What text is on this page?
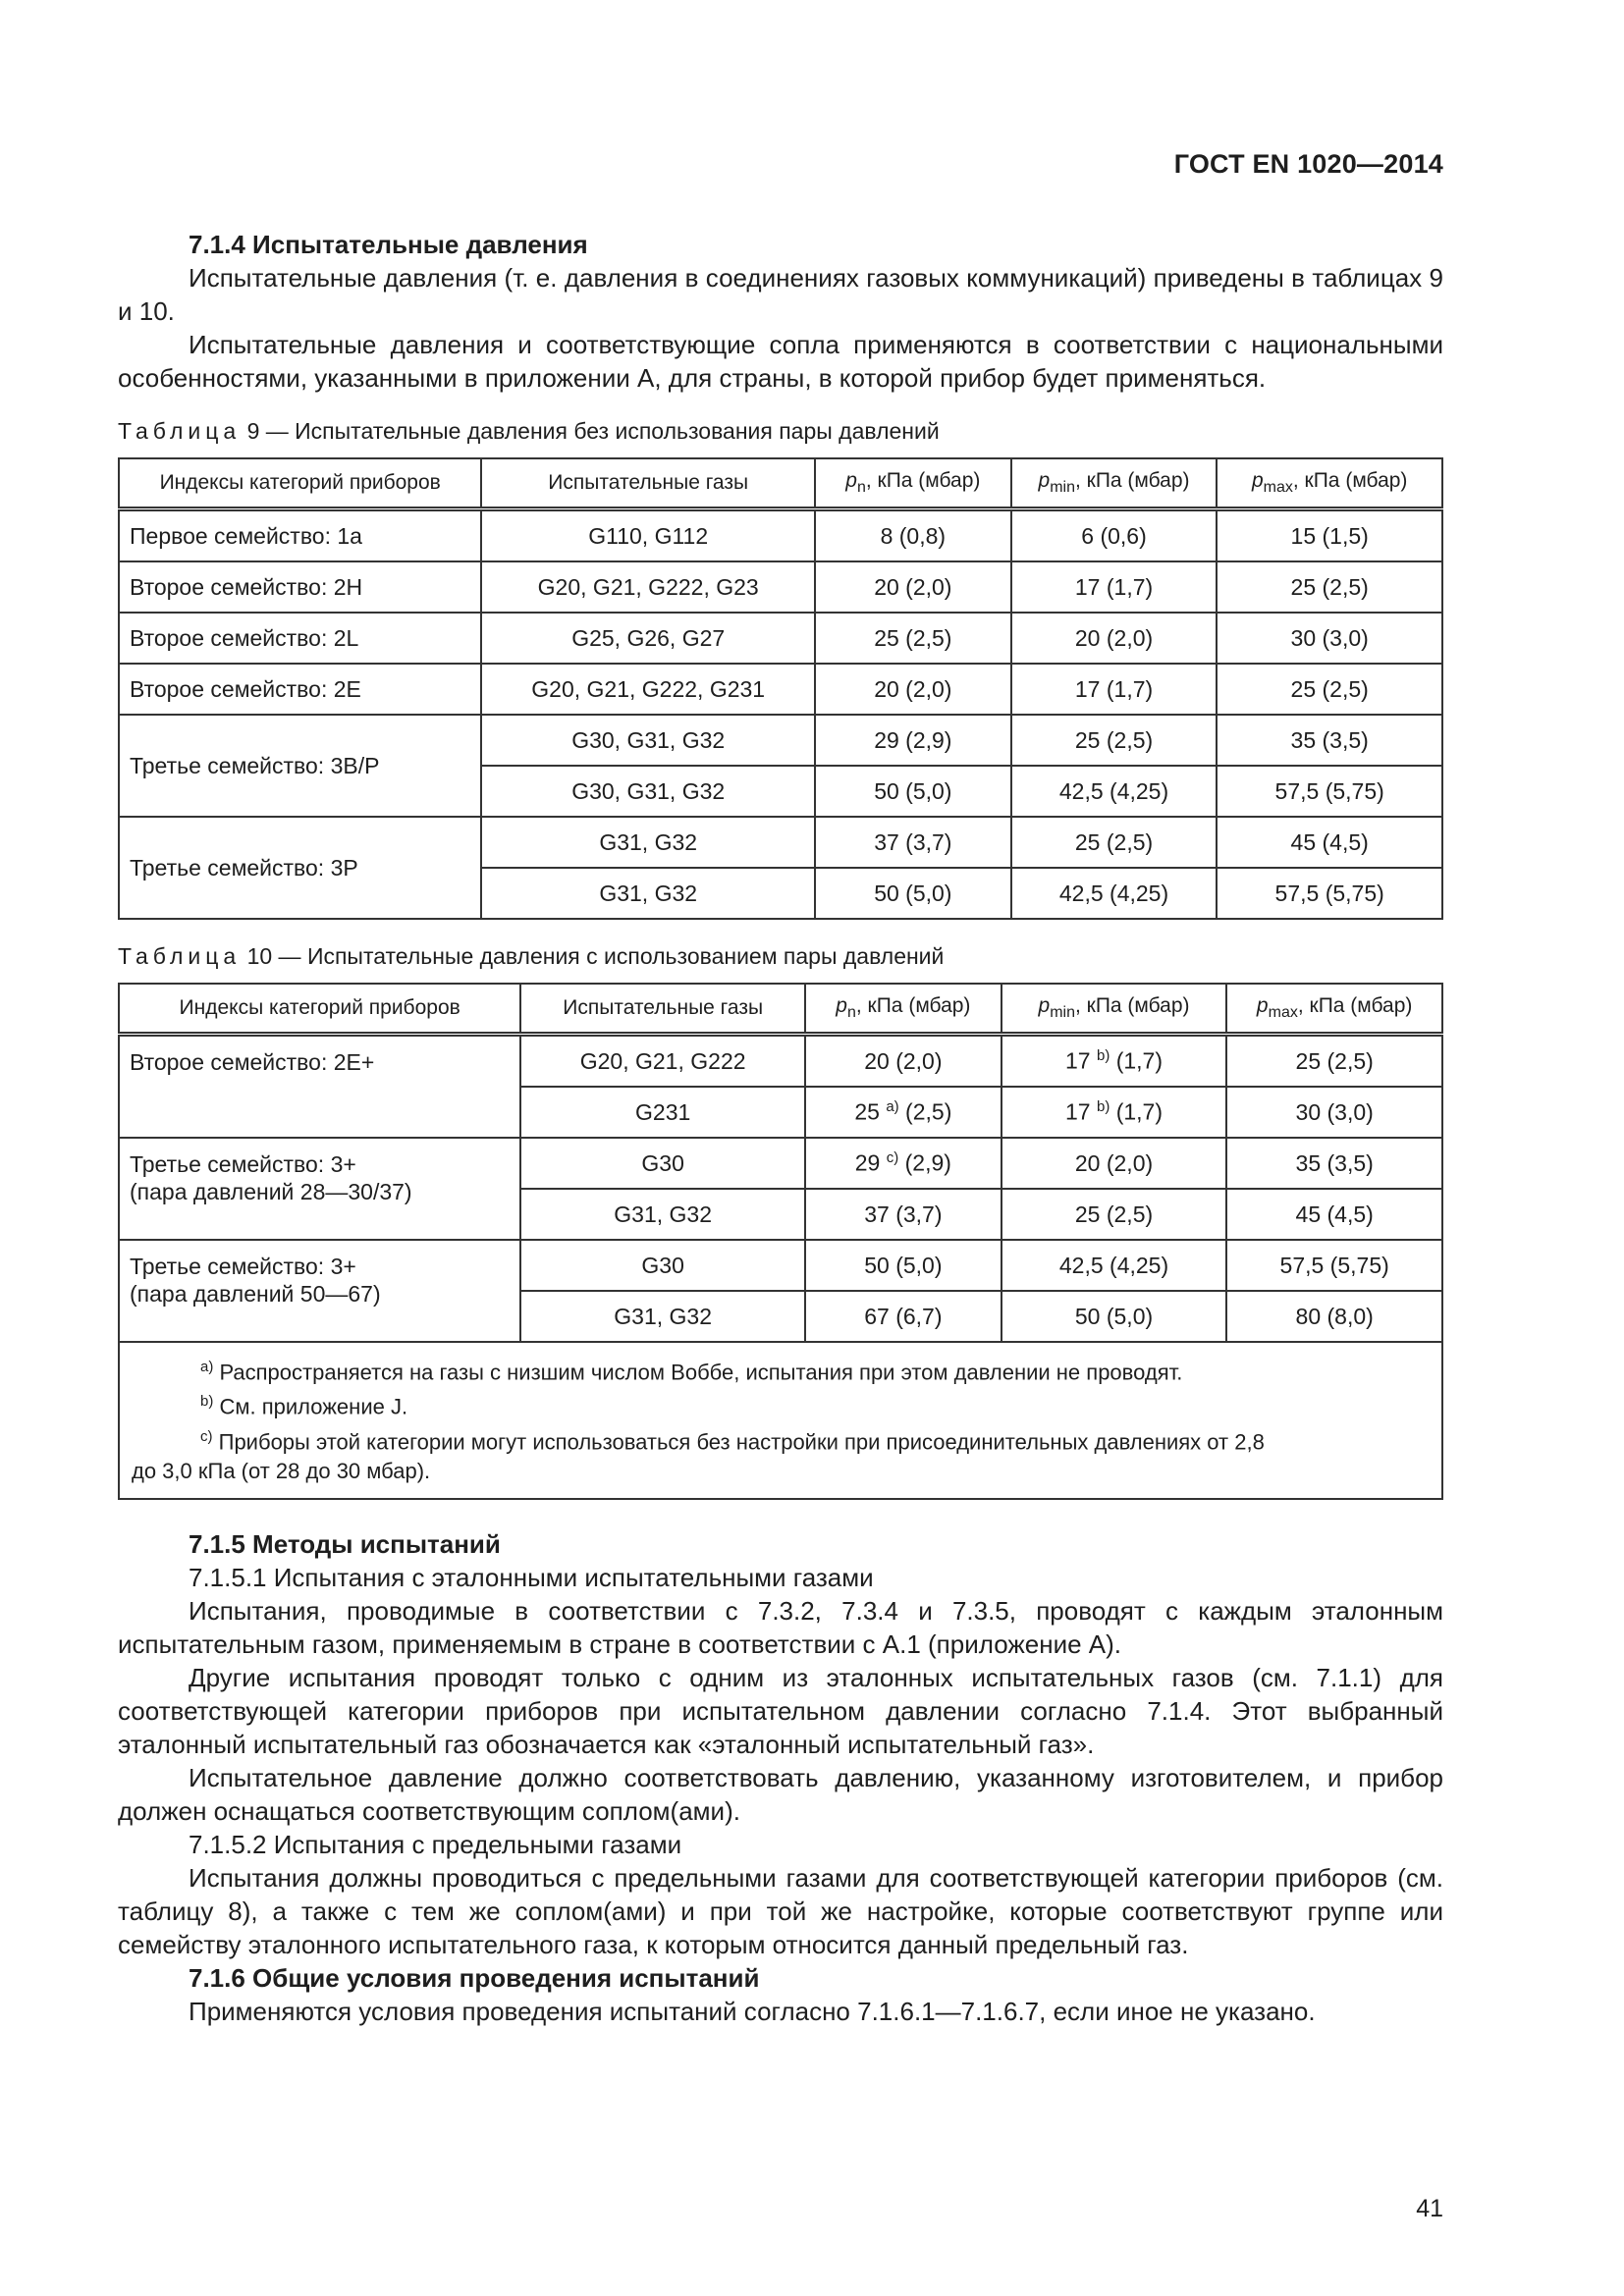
ГОСТ EN 1020—2014
7.1.4 Испытательные давления

Испытательные давления (т. е. давления в соединениях газовых коммуникаций) приведены в таблицах 9 и 10.

Испытательные давления и соответствующие сопла применяются в соответствии с национальными особенностями, указанными в приложении А, для страны, в которой прибор будет применяться.

Таблица 9 — Испытательные давления без использования пары давлений
Индексы категорий приборов	Испытательные газы	$p_n$, кПа (мбар)	$p_{min}$, кПа (мбар)	$p_{max}$, кПа (мбар)
Первое семейство: 1a	G110, G112	8 (0,8)	6 (0,6)	15 (1,5)
Второе семейство: 2H	G20, G21, G222, G23	20 (2,0)	17 (1,7)	25 (2,5)
Второе семейство: 2L	G25, G26, G27	25 (2,5)	20 (2,0)	30 (3,0)
Второе семейство: 2E	G20, G21, G222, G231	20 (2,0)	17 (1,7)	25 (2,5)
Третье семейство: 3B/P	G30, G31, G32	29 (2,9)	25 (2,5)	35 (3,5)
	G30, G31, G32	50 (5,0)	42,5 (4,25)	57,5 (5,75)
Третье семейство: 3P	G31, G32	37 (3,7)	25 (2,5)	45 (4,5)
	G31, G32	50 (5,0)	42,5 (4,25)	57,5 (5,75)
Таблица 10 — Испытательные давления с использованием пары давлений
Индексы категорий приборов	Испытательные газы	$p_n$, кПа (мбар)	$p_{min}$, кПа (мбар)	$p_{max}$, кПа (мбар)

Второе семейство: 2E+	G20, G21, G222	20 (2,0)	17 $^{b)}$ (1,7)	25 (2,5)
	G231	25 $^{a)}$ (2,5)	17 $^{b)}$ (1,7)	30 (3,0)

Третье семейство: 3+
(пара давлений 28—30/37)	G30	29 $^{c)}$ (2,9)	20 (2,0)	35 (3,5)
	G31, G32	37 (3,7)	25 (2,5)	45 (4,5)

Третье семейство: 3+
(пара давлений 50—67)	G30	50 (5,0)	42,5 (4,25)	57,5 (5,75)
	G31, G32	67 (6,7)	50 (5,0)	80 (8,0)

$^{a)}$ Распространяется на газы с низшим числом Воббе, испытания при этом давлении не проводят.
$^{b)}$ См. приложение J.
$^{c)}$ Приборы этой категории могут использоваться без настройки при присоединительных давлениях от 2,8
до 3,0 кПа (от 28 до 30 мбар).				
7.1.5 Методы испытаний
7.1.5.1 Испытания с эталонными испытательными газами

Испытания, проводимые в соответствии с 7.3.2, 7.3.4 и 7.3.5, проводят с каждым эталонным испытательным газом, применяемым в стране в соответствии с А.1 (приложение А).

Другие испытания проводят только с одним из эталонных испытательных газов (см. 7.1.1) для соответствующей категории приборов при испытательном давлении согласно 7.1.4. Этот выбранный эталонный испытательный газ обозначается как «эталонный испытательный газ».

Испытательное давление должно соответствовать давлению, указанному изготовителем, и прибор должен оснащаться соответствующим соплом(ами).

7.1.5.2 Испытания с предельными газами

Испытания должны проводиться с предельными газами для соответствующей категории приборов (см. таблицу 8), а также с тем же соплом(ами) и при той же настройке, которые соответствуют группе или семейству эталонного испытательного газа, к которым относится данный предельный газ.

7.1.6 Общие условия проведения испытаний

Применяются условия проведения испытаний согласно 7.1.6.1—7.1.6.7, если иное не указано.

41
